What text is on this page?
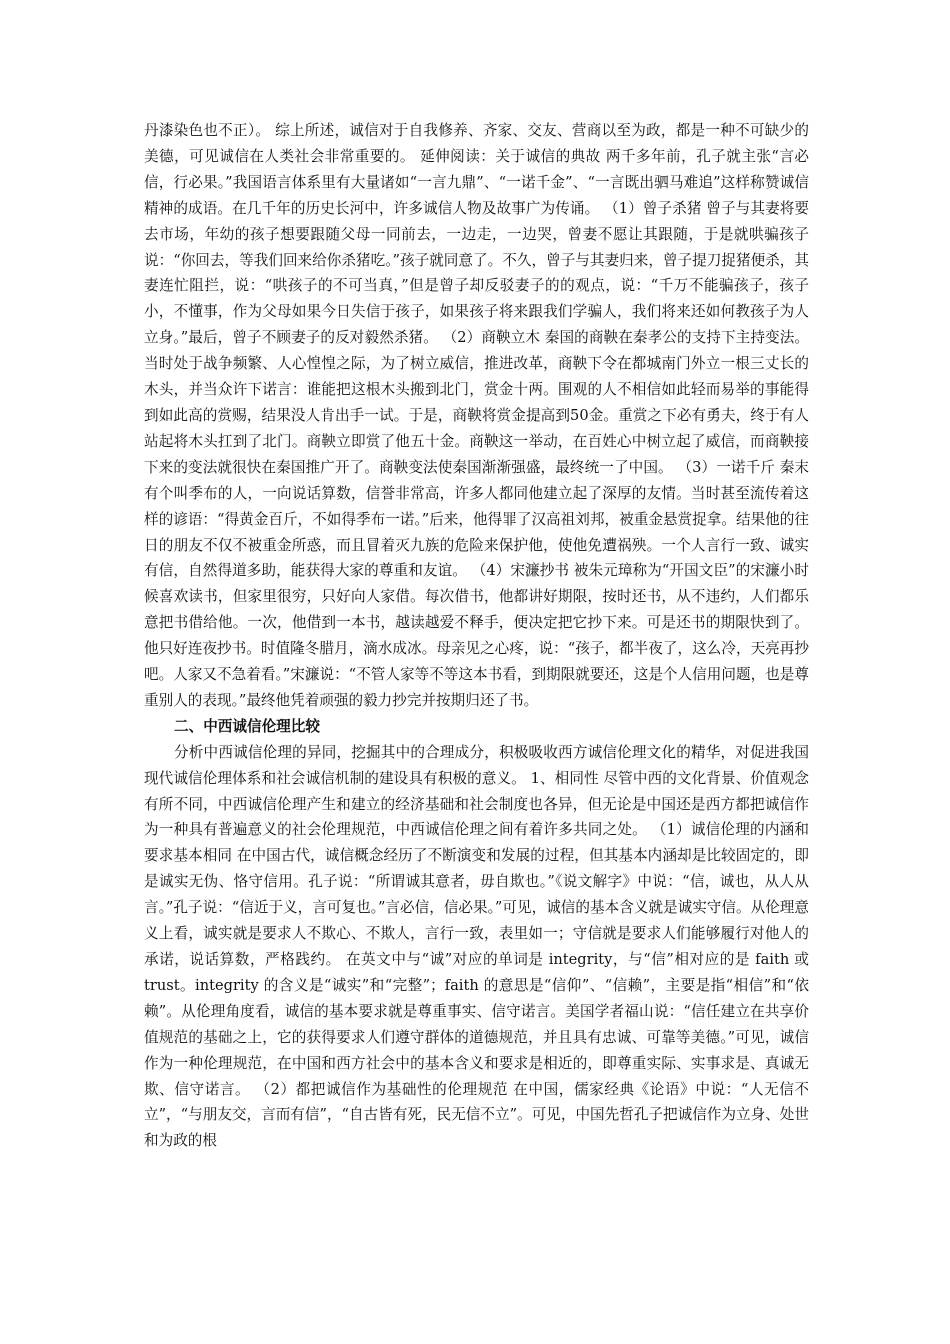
丹漆染色也不正）。 综上所述，诚信对于自我修养、齐家、交友、营商以至为政，都是一种不可缺少的美德，可见诚信在人类社会非常重要的。 延伸阅读：关于诚信的典故 两千多年前，孔子就主张“言必信，行必果。”我国语言体系里有大量诸如“一言九鼎”、“一诺千金”、“一言既出驷马难追”这样称赞诚信精神的成语。在几千年的历史长河中，许多诚信人物及故事广为传诵。 （1）曾子杀猪 曾子与其妻将要去市场，年幼的孩子想要跟随父母一同前去，一边走，一边哭，曾妻不愿让其跟随，于是就哄骗孩子说：“你回去，等我们回来给你杀猪吃。”孩子就同意了。不久，曾子与其妻归来，曾子提刀捉猪便杀，其妻连忙阻拦，说：“哄孩子的不可当真，”但是曾子却反驳妻子的的观点，说：“千万不能骗孩子，孩子小，不懂事，作为父母如果今日失信于孩子，如果孩子将来跟我们学骗人，我们将来还如何教孩子为人立身。”最后，曾子不顾妻子的反对毅然杀猪。 （2）商鞅立木 秦国的商鞅在秦孝公的支持下主持变法。当时处于战争频繁、人心惶惶之际，为了树立威信，推进改革，商鞅下令在都城南门外立一根三丈长的木头，并当众许下诺言：谁能把这根木头搬到北门，赏金十两。围观的人不相信如此轻而易举的事能得到如此高的赏赐，结果没人肯出手一试。于是，商鞅将赏金提高到50金。重赏之下必有勇夫，终于有人站起将木头扛到了北门。商鞅立即赏了他五十金。商鞅这一举动，在百姓心中树立起了威信，而商鞅接下来的变法就很快在秦国推广开了。商鞅变法使秦国渐渐强盛，最终统一了中国。 （3）一诺千斤 秦末有个叫季布的人，一向说话算数，信誉非常高，许多人都同他建立起了深厚的友情。当时甚至流传着这样的谚语：“得黄金百斤，不如得季布一诺。”后来，他得罪了汉高祖刘邦，被重金悬赏捉拿。结果他的往日的朋友不仅不被重金所惑，而且冒着灭九族的危险来保护他，使他免遭祸殃。一个人言行一致、诚实有信，自然得道多助，能获得大家的尊重和友谊。 （4）宋濂抄书 被朱元璋称为“开国文臣”的宋濂小时候喜欢读书，但家里很穷，只好向人家借。每次借书，他都讲好期限，按时还书，从不违约，人们都乐意把书借给他。一次，他借到一本书，越读越爱不释手，便决定把它抄下来。可是还书的期限快到了。他只好连夜抄书。时值隆冬腊月，滴水成冰。母亲见之心疼，说：“孩子，都半夜了，这么冷，天亮再抄吧。人家又不急着看。”宋濂说：“不管人家等不等这本书看，到期限就要还，这是个人信用问题，也是尊重别人的表现。”最终他凭着顽强的毅力抄完并按期归还了书。

二、中西诚信伦理比较

分析中西诚信伦理的异同，挖掘其中的合理成分，积极吸收西方诚信伦理文化的精华，对促进我国现代诚信伦理体系和社会诚信机制的建设具有积极的意义。 1、相同性 尽管中西的文化背景、价值观念有所不同，中西诚信伦理产生和建立的经济基础和社会制度也各异，但无论是中国还是西方都把诚信作为一种具有普遍意义的社会伦理规范，中西诚信伦理之间有着许多共同之处。 （1）诚信伦理的内涵和要求基本相同 在中国古代，诚信概念经历了不断演变和发展的过程，但其基本内涵却是比较固定的，即是诚实无伪、恪守信用。孔子说：“所谓诚其意者，毋自欺也。”《说文解字》中说：“信，诚也，从人从言。”孔子说：“信近于义，言可复也。”言必信，信必果。”可见，诚信的基本含义就是诚实守信。从伦理意义上看，诚实就是要求人不欺心、不欺人，言行一致，表里如一；守信就是要求人们能够履行对他人的承诺，说话算数，严格践约。 在英文中与“诚”对应的单词是 integrity，与“信”相对应的是 faith 或 trust。integrity 的含义是“诚实”和“完整”；faith 的意思是“信仰”、“信赖”，主要是指“相信”和“依赖”。从伦理角度看，诚信的基本要求就是尊重事实、信守诺言。美国学者福山说：“信任建立在共享价值规范的基础之上，它的获得要求人们遵守群体的道德规范，并且具有忠诚、可靠等美德。”可见，诚信作为一种伦理规范，在中国和西方社会中的基本含义和要求是相近的，即尊重实际、实事求是、真诚无欺、信守诺言。 （2）都把诚信作为基础性的伦理规范 在中国，儒家经典《论语》中说：“人无信不立”，“与朋友交，言而有信”，“自古皆有死，民无信不立”。可见，中国先哲孔子把诚信作为立身、处世和为政的根
